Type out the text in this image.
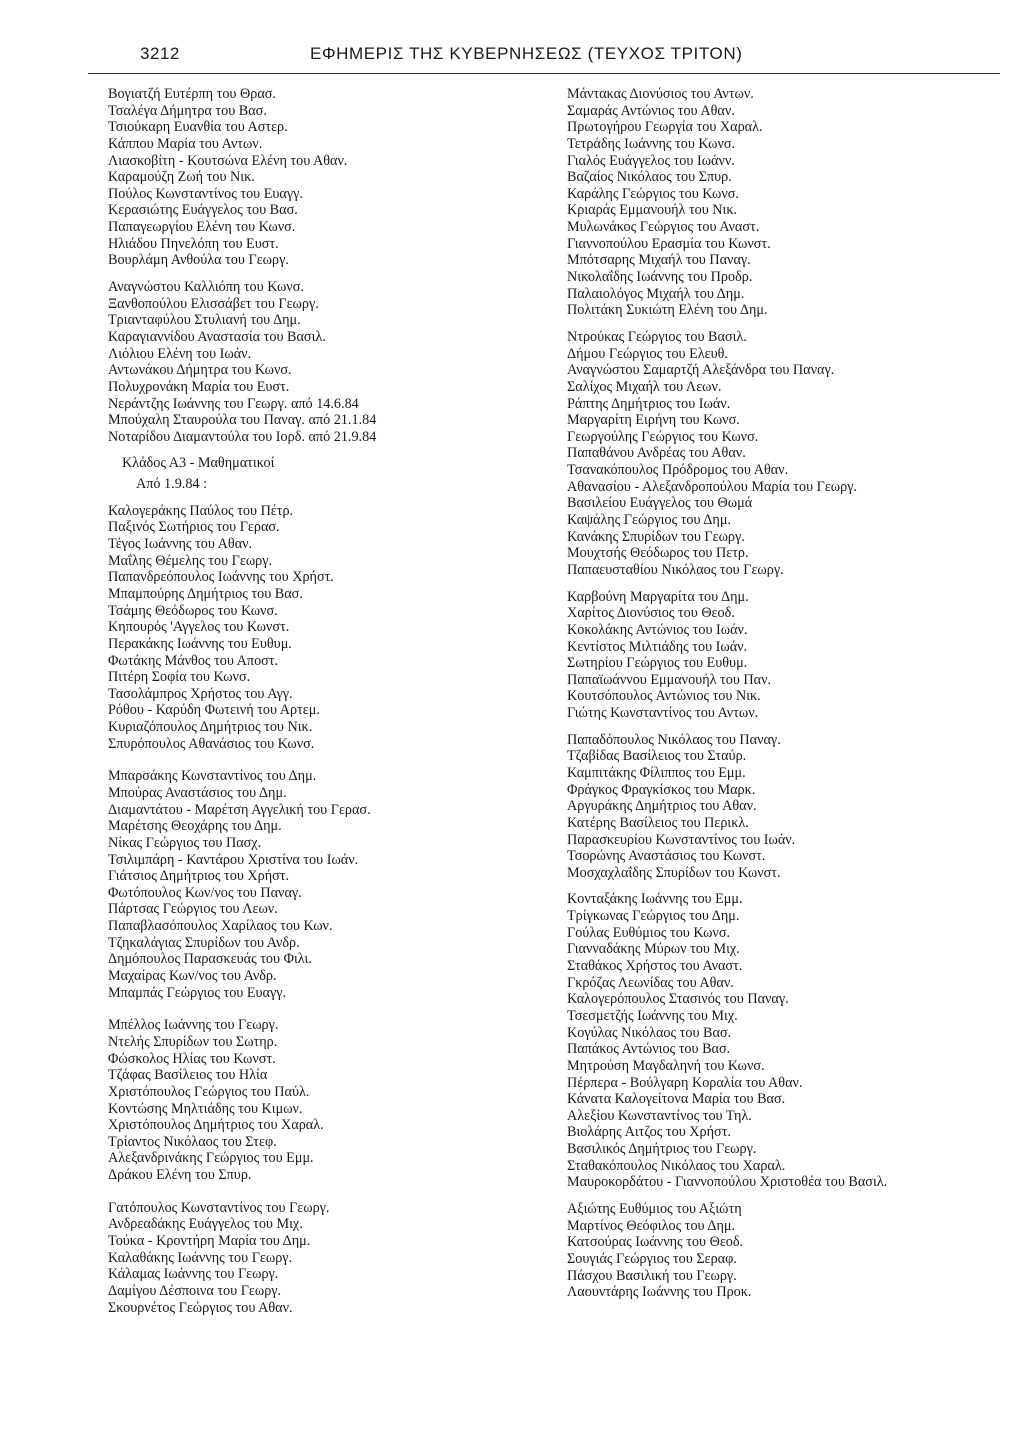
3212	ΕΦΗΜΕΡΙΣ ΤΗΣ ΚΥΒΕΡΝΗΣΕΩΣ (ΤΕΥΧΟΣ ΤΡΙΤΟΝ)
Βογιατζή Ευτέρπη του Θρασ.
Τσαλέγα Δήμητρα του Βασ.
Τσιούκαρη Ευανθία του Αστερ.
Κάππου Μαρία του Αντων.
Λιασκοβίτη - Κουτσώνα Ελένη του Αθαν.
Καραμούζη Ζωή του Νικ.
Πούλος Κωνσταντίνος του Ευαγγ.
Κερασιώτης Ευάγγελος του Βασ.
Παπαγεωργίου Ελένη του Κωνσ.
Ηλιάδου Πηνελόπη του Ευστ.
Βουρλάμη Ανθούλα του Γεωργ.
Αναγνώστου Καλλιόπη του Κωνσ.
Ξανθοπούλου Ελισσάβετ του Γεωργ.
Τριανταφύλου Στυλιανή του Δημ.
Καραγιαννίδου Αναστασία του Βασιλ.
Λιόλιου Ελένη του Ιωάν.
Αντωνάκου Δήμητρα του Κωνσ.
Πολυχρονάκη Μαρία του Ευστ.
Νεράντζης Ιωάννης του Γεωργ. από 14.6.84
Μπούχαλη Σταυρούλα του Παναγ. από 21.1.84
Νοταρίδου Διαμαντούλα του Ιορδ. από 21.9.84
Κλάδος Α3 - Μαθηματικοί
Από 1.9.84 :
Καλογεράκης Παύλος του Πέτρ.
Παξινός Σωτήριος του Γερασ.
Τέγος Ιωάννης του Αθαν.
Μαΐλης Θέμελης του Γεωργ.
Παπανδρεόπουλος Ιωάννης του Χρήστ.
Μπαμπούρης Δημήτριος του Βασ.
Τσάμης Θεόδωρος του Κωνσ.
Κηπουρός 'Αγγελος του Κωνστ.
Περακάκης Ιωάννης του Ευθυμ.
Φωτάκης Μάνθος του Αποστ.
Πιτέρη Σοφία του Κωνσ.
Τασολάμπρος Χρήστος του Αγγ.
Ρόθου - Καρύδη Φωτεινή του Αρτεμ.
Κυριαζόπουλος Δημήτριος του Νικ.
Σπυρόπουλος Αθανάσιος του Κωνσ.
Μπαρσάκης Κωνσταντίνος του Δημ.
Μπούρας Αναστάσιος του Δημ.
Διαμαντάτου - Μαρέτση Αγγελική του Γερασ.
Μαρέτσης Θεοχάρης του Δημ.
Νίκας Γεώργιος του Πασχ.
Τσιλιμπάρη - Καντάρου Χριστίνα του Ιωάν.
Γιάτσιος Δημήτριος του Χρήστ.
Φωτόπουλος Κων/νος του Παναγ.
Πάρτσας Γεώργιος του Λεων.
Παπαβλασόπουλος Χαρίλαος του Κων.
Τζηκαλάγιας Σπυρίδων του Ανδρ.
Δημόπουλος Παρασκευάς του Φιλι.
Μαχαίρας Κων/νος του Ανδρ.
Μπαμπάς Γεώργιος του Ευαγγ.
Μπέλλος Ιωάννης του Γεωργ.
Ντελής Σπυρίδων του Σωτηρ.
Φώσκολος Ηλίας του Κωνστ.
Τζάφας Βασίλειος του Ηλία
Χριστόπουλος Γεώργιος του Παύλ.
Κοντώσης Μηλτιάδης του Κιμων.
Χριστόπουλος Δημήτριος του Χαραλ.
Τρίαντος Νικόλαος του Στεφ.
Αλεξανδρινάκης Γεώργιος του Εμμ.
Δράκου Ελένη του Σπυρ.
Γατόπουλος Κωνσταντίνος του Γεωργ.
Ανδρεαδάκης Ευάγγελος του Μιχ.
Τούκα - Κροντήρη Μαρία του Δημ.
Καλαθάκης Ιωάννης του Γεωργ.
Κάλαμας Ιωάννης του Γεωργ.
Δαμίγου Δέσποινα του Γεωργ.
Σκουρνέτος Γεώργιος του Αθαν.
Μάντακας Διονύσιος του Αντων.
Σαμαράς Αντώνιος του Αθαν.
Πρωτογήρου Γεωργία του Χαραλ.
Τετράδης Ιωάννης του Κωνσ.
Γιαλός Ευάγγελος του Ιωάνν.
Βαζαίος Νικόλαος του Σπυρ.
Καράλης Γεώργιος του Κωνσ.
Κριαράς Εμμανουήλ του Νικ.
Μυλωνάκος Γεώργιος του Αναστ.
Γιαννοπούλου Ερασμία του Κωνστ.
Μπότσαρης Μιχαήλ του Παναγ.
Νικολαΐδης Ιωάννης του Προδρ.
Παλαιολόγος Μιχαήλ του Δημ.
Πολιτάκη Συκιώτη Ελένη του Δημ.
Ντρούκας Γεώργιος του Βασιλ.
Δήμου Γεώργιος του Ελευθ.
Αναγνώστου Σαμαρτζή Αλεξάνδρα του Παναγ.
Σαλίχος Μιχαήλ του Λεων.
Ράπτης Δημήτριος του Ιωάν.
Μαργαρίτη Ειρήνη του Κωνσ.
Γεωργούλης Γεώργιος του Κωνσ.
Παπαθάνου Ανδρέας του Αθαν.
Τσανακόπουλος Πρόδρομος του Αθαν.
Αθανασίου - Αλεξανδροπούλου Μαρία του Γεωργ.
Βασιλείου Ευάγγελος του Θωμά
Καψάλης Γεώργιος του Δημ.
Κανάκης Σπυρίδων του Γεωργ.
Μουχτσής Θεόδωρος του Πετρ.
Παπαευσταθίου Νικόλαος του Γεωργ.
Καρβούνη Μαργαρίτα του Δημ.
Χαρίτος Διονύσιος του Θεοδ.
Κοκολάκης Αντώνιος του Ιωάν.
Κεντίστος Μιλτιάδης του Ιωάν.
Σωτηρίου Γεώργιος του Ευθυμ.
Παπαϊωάννου Εμμανουήλ του Παν.
Κουτσόπουλος Αντώνιος του Νικ.
Γιώτης Κωνσταντίνος του Αντων.
Παπαδόπουλος Νικόλαος του Παναγ.
Τζαβίδας Βασίλειος του Σταύρ.
Καμπιτάκης Φίλιππος του Εμμ.
Φράγκος Φραγκίσκος του Μαρκ.
Αργυράκης Δημήτριος του Αθαν.
Κατέρης Βασίλειος του Περικλ.
Παρασκευρίου Κωνσταντίνος του Ιωάν.
Τσορώνης Αναστάσιος του Κωνστ.
Μοσχαχλαΐδης Σπυρίδων του Κωνστ.
Κονταξάκης Ιωάννης του Εμμ.
Τρίγκωνας Γεώργιος του Δημ.
Γούλας Ευθύμιος του Κωνσ.
Γιανναδάκης Μύρων του Μιχ.
Σταθάκος Χρήστος του Αναστ.
Γκρόζας Λεωνίδας του Αθαν.
Καλογερόπουλος Στασινός του Παναγ.
Τσεσμετζής Ιωάννης του Μιχ.
Κογύλας Νικόλαος του Βασ.
Παπάκος Αντώνιος του Βασ.
Μητρούση Μαγδαληνή του Κωνσ.
Πέρπερα - Βούλγαρη Κοραλία του Αθαν.
Κάνατα Καλογείτονα Μαρία του Βασ.
Αλεξίου Κωνσταντίνος του Τηλ.
Βιολάρης Αιτζος του Χρήστ.
Βασιλικός Δημήτριος του Γεωργ.
Σταθακόπουλος Νικόλαος του Χαραλ.
Μαυροκορδάτου - Γιαννοπούλου Χριστοθέα του Βασιλ.
Αξιώτης Ευθύμιος του Αξιώτη
Μαρτίνος Θεόφιλος του Δημ.
Κατσούρας Ιωάννης του Θεοδ.
Σουγιάς Γεώργιος του Σεραφ.
Πάσχου Βασιλική του Γεωργ.
Λαουντάρης Ιωάννης του Προκ.
